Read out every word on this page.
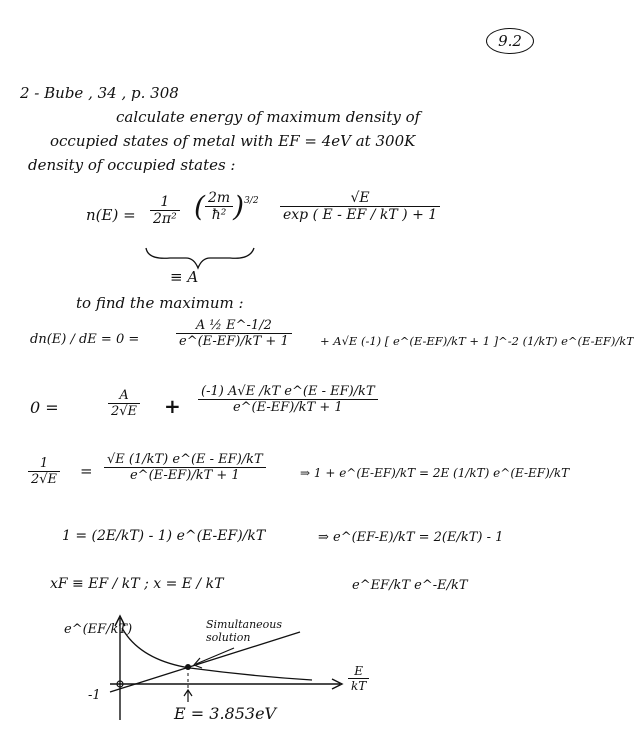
9.2
2 - Bube , 34 , p. 308
calculate energy of maximum density of
occupied states of metal with EF = 4eV at 300K
density of occupied states :
$n(E) = \frac{1}{\text{2π²}}$ ( $\frac{2m}{\text{ħ²}} )^{3/2} \frac{√E}{\exp ( E - EF / kT ) + 1}$
≡ A
to find the maximum :
dn(E) / dE = 0 =	$\frac{\text{A ½ E\textasciicircum{}-1/2}}{e\^{}(E-EF)/kT + 1} + A√E$ (-1) [ e^(E-EF)/kT + 1 ]^-2 (1/kT) e^(E-EF)/kT
0 =	$\frac{A}{2√E} + \frac{\text{(-1) A√E /kT e\textasciicircum{}(E - EF)/kT}}{e\^{}(E-EF)/kT + 1}$
$\frac{1}{2√E} = \frac{√E (1/kT) e\^{}(E - EF)/kT}{e\^{}(E-EF)/kT + 1}$	⇒ 1 + e^(E-EF)/kT = 2E (1/kT) e^(E-EF)/kT
1 = (2E/kT) - 1) e^(E-EF)/kT	⇒ e^(EF-E)/kT = 2(E/kT) - 1
xF ≡ EF / kT ; x = E / kT	e^EF/kT e^-E/kT
e^(EF/kT)	Simultaneous solution
$\frac{E}{kT}$
-1
E = 3.853eV
